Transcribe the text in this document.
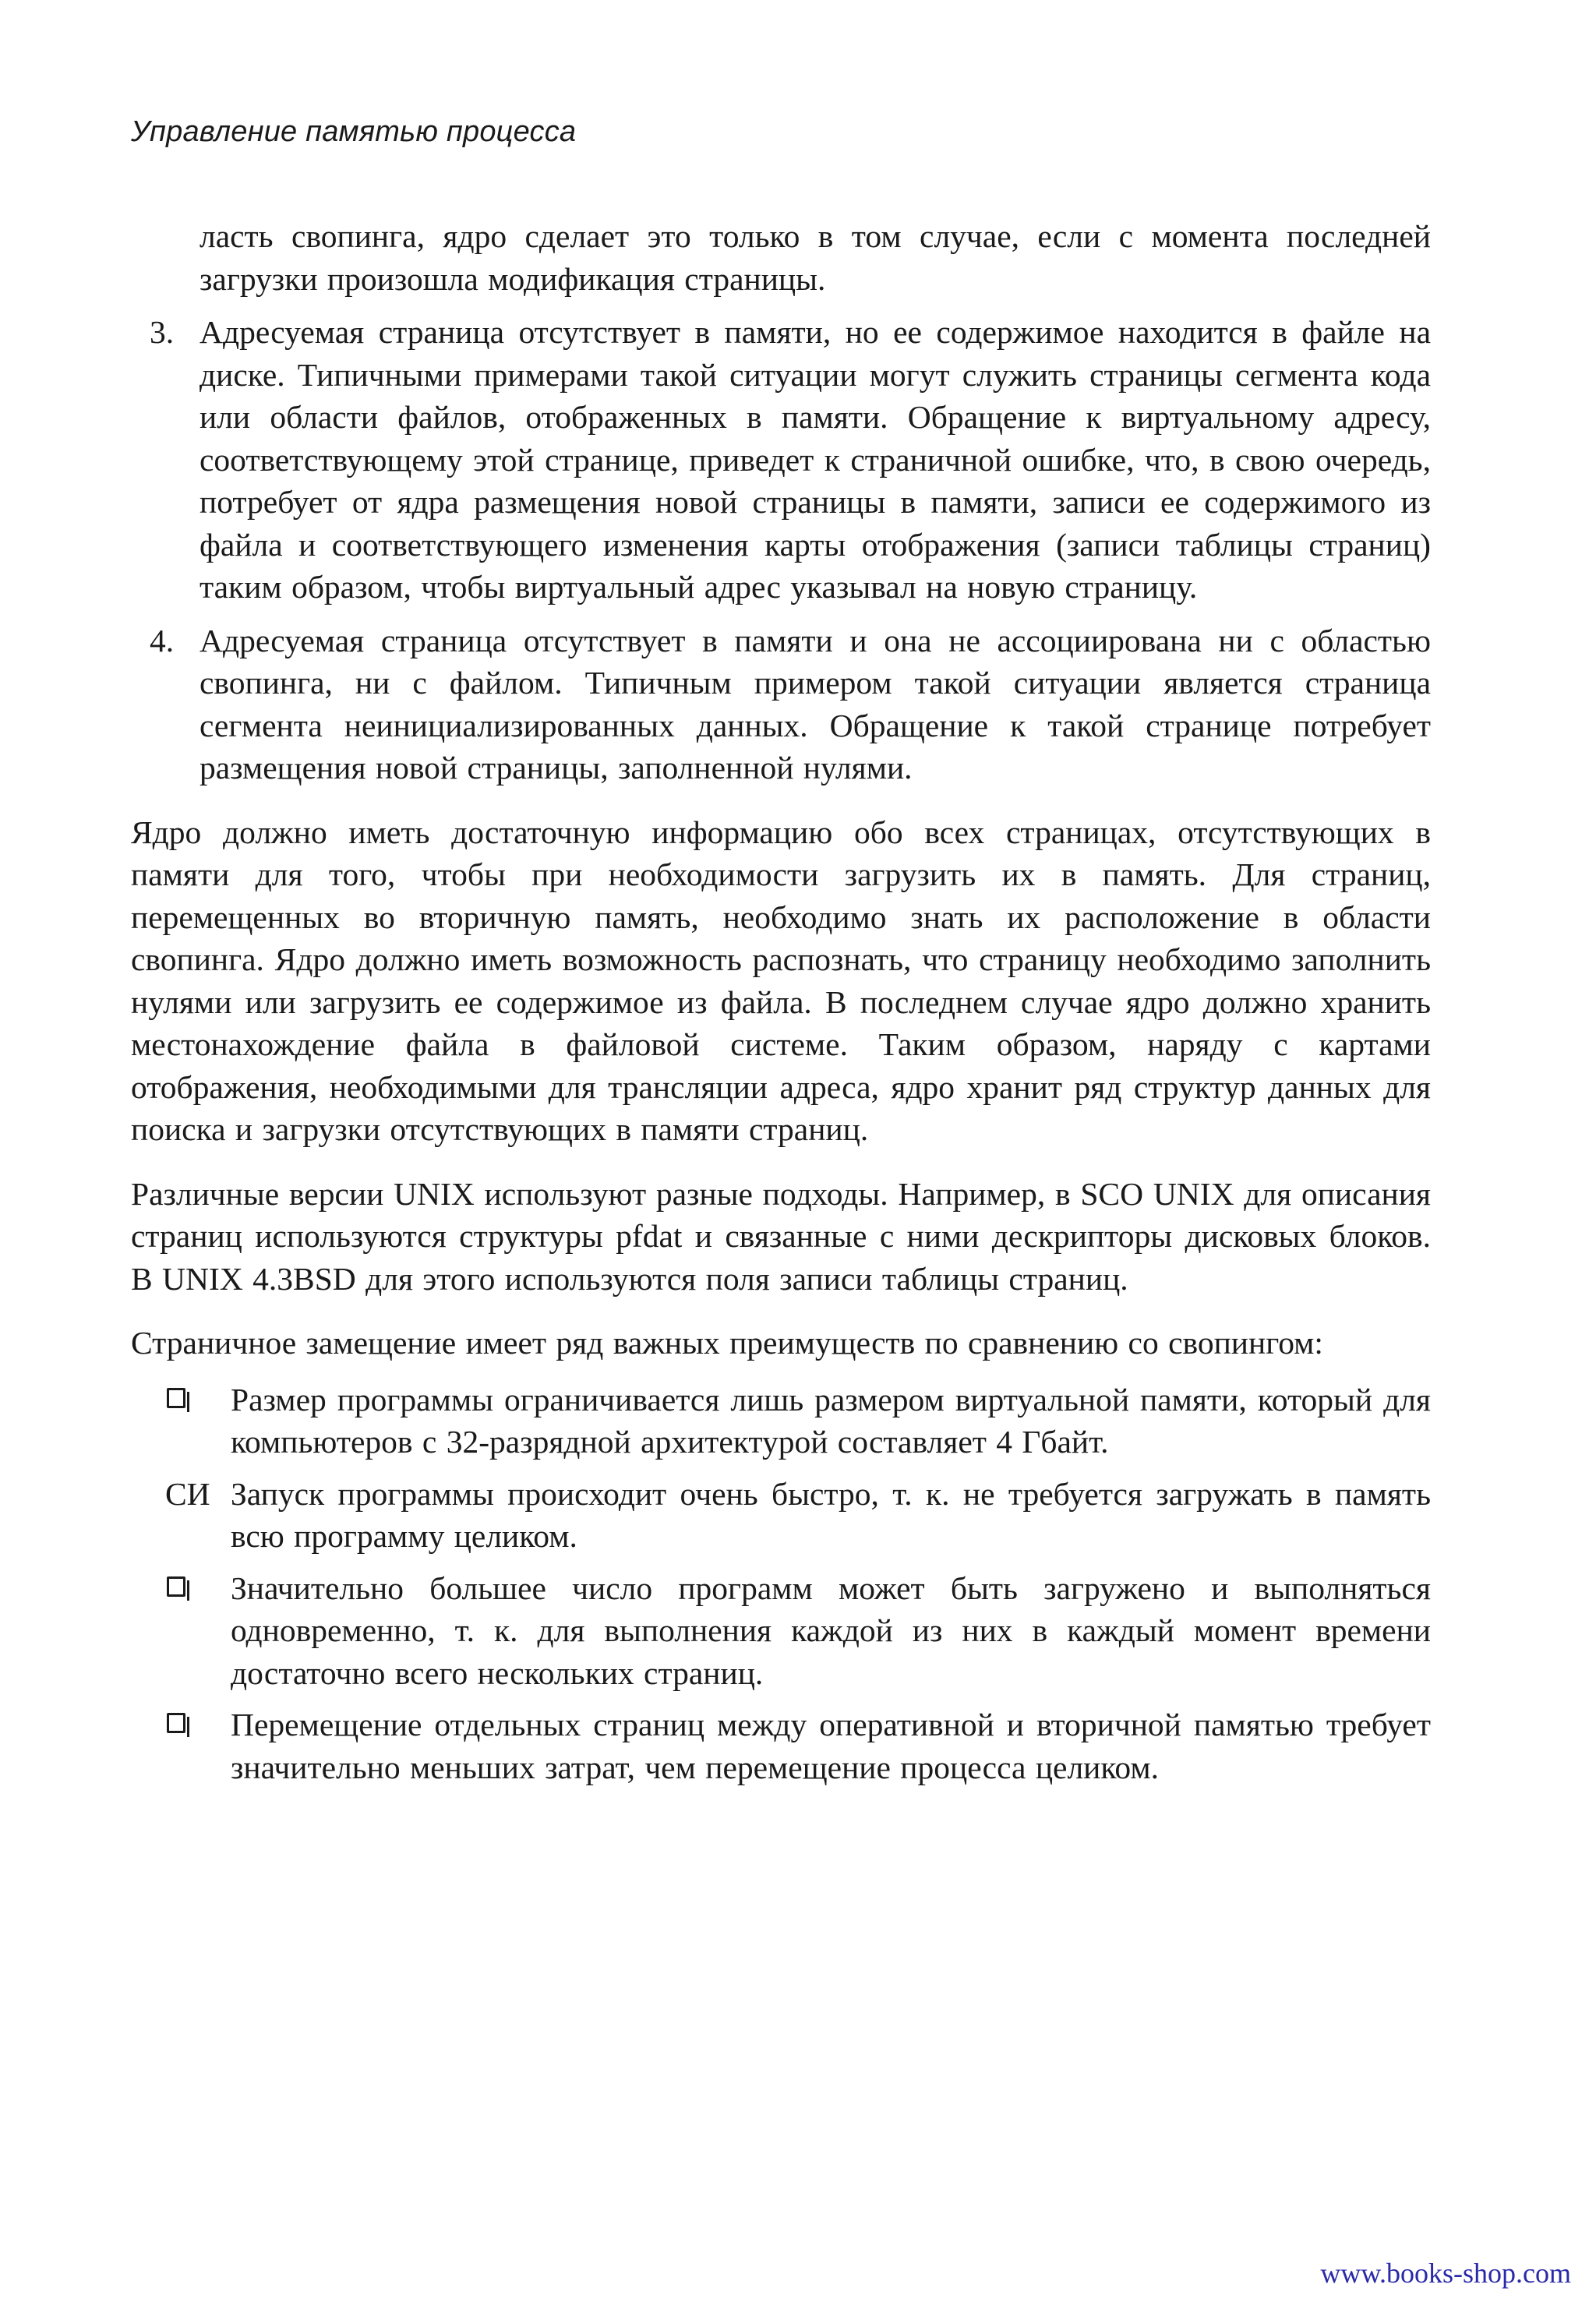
Управление памятью процесса

ласть свопинга, ядро сделает это только в том случае, если с момента последней загрузки произошла модификация страницы.

3. Адресуемая страница отсутствует в памяти, но ее содержимое находится в файле на диске. Типичными примерами такой ситуации могут служить страницы сегмента кода или области файлов, отображенных в памяти. Обращение к виртуальному адресу, соответствующему этой странице, приведет к страничной ошибке, что, в свою очередь, потребует от ядра размещения новой страницы в памяти, записи ее содержимого из файла и соответствующего изменения карты отображения (записи таблицы страниц) таким образом, чтобы виртуальный адрес указывал на новую страницу.
4. Адресуемая страница отсутствует в памяти и она не ассоциирована ни с областью свопинга, ни с файлом. Типичным примером такой ситуации является страница сегмента неинициализированных данных. Обращение к такой странице потребует размещения новой страницы, заполненной нулями.

Ядро должно иметь достаточную информацию обо всех страницах, отсутствующих в памяти для того, чтобы при необходимости загрузить их в память. Для страниц, перемещенных во вторичную память, необходимо знать их расположение в области свопинга. Ядро должно иметь возможность распознать, что страницу необходимо заполнить нулями или загрузить ее содержимое из файла. В последнем случае ядро должно хранить местонахождение файла в файловой системе. Таким образом, наряду с картами отображения, необходимыми для трансляции адреса, ядро хранит ряд структур данных для поиска и загрузки отсутствующих в памяти страниц.

Различные версии UNIX используют разные подходы. Например, в SCO UNIX для описания страниц используются структуры pfdat и связанные с ними дескрипторы дисковых блоков. В UNIX 4.3BSD для этого используются поля записи таблицы страниц.

Страничное замещение имеет ряд важных преимуществ по сравнению со свопингом:

Размер программы ограничивается лишь размером виртуальной памяти, который для компьютеров с 32-разрядной архитектурой составляет 4 Гбайт.
СИ Запуск программы происходит очень быстро, т. к. не требуется загружать в память всю программу целиком.
Значительно большее число программ может быть загружено и выполняться одновременно, т. к. для выполнения каждой из них в каждый момент времени достаточно всего нескольких страниц.
Перемещение отдельных страниц между оперативной и вторичной памятью требует значительно меньших затрат, чем перемещение процесса целиком.
www.books-shop.com
